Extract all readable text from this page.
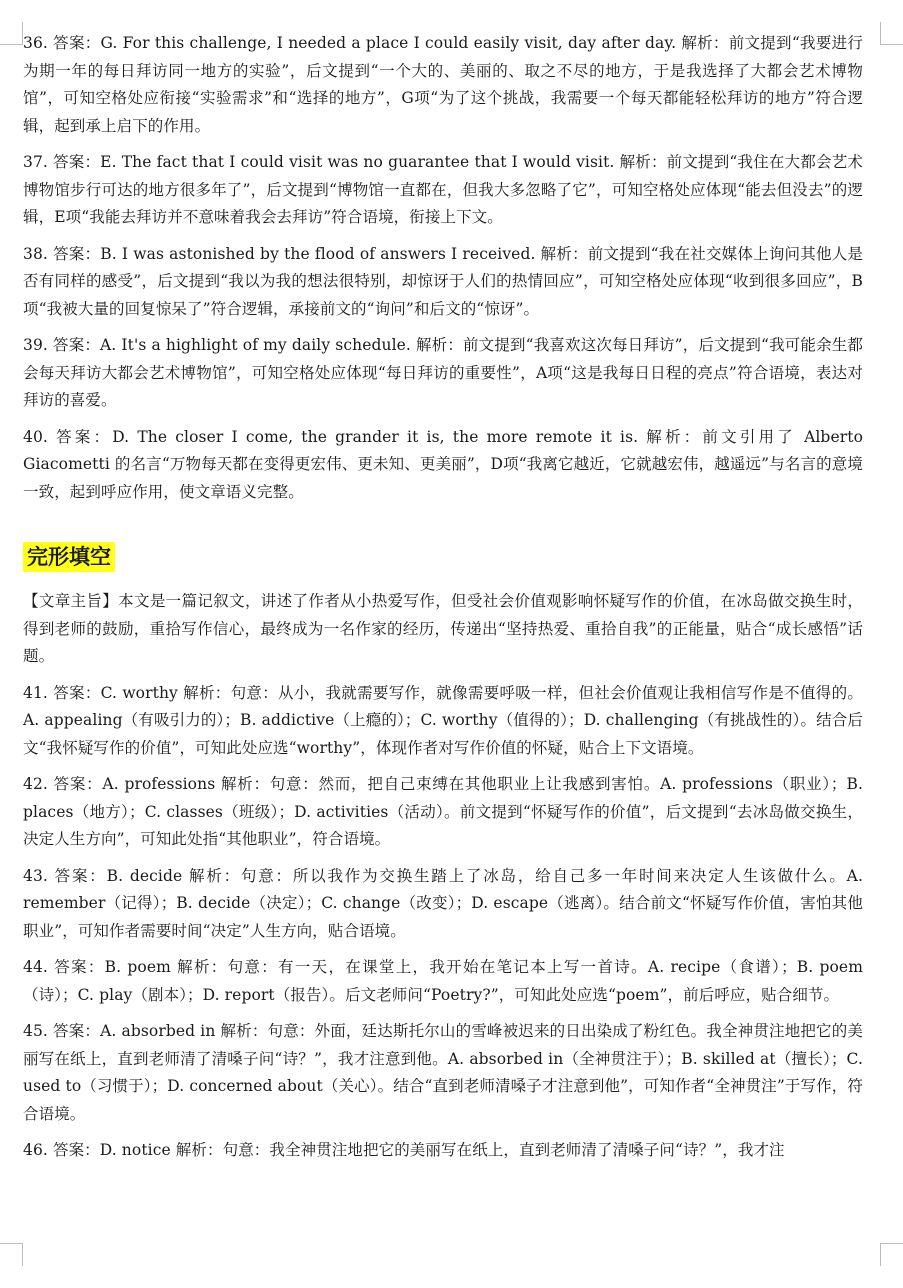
36. 答案：G. For this challenge, I needed a place I could easily visit, day after day. 解析：前文提到“我要进行为期一年的每日拜访同一地方的实验”，后文提到“一个大的、美丽的、取之不尽的地方，于是我选择了大都会艺术博物馆”，可知空格处应衔接“实验需求”和“选择的地方”，G项“为了这个挑战，我需要一个每天都能轻松拜访的地方”符合逻辑，起到承上启下的作用。

37. 答案：E. The fact that I could visit was no guarantee that I would visit. 解析：前文提到“我住在大都会艺术博物馆步行可达的地方很多年了”，后文提到“博物馆一直都在，但我大多忽略了它”，可知空格处应体现“能去但没去”的逻辑，E项“我能去拜访并不意味着我会去拜访”符合语境，衔接上下文。

38. 答案：B. I was astonished by the flood of answers I received. 解析：前文提到“我在社交媒体上询问其他人是否有同样的感受”，后文提到“我以为我的想法很特别，却惊讶于人们的热情回应”，可知空格处应体现“收到很多回应”，B项“我被大量的回复惊呆了”符合逻辑，承接前文的“询问”和后文的“惊讶”。

39. 答案：A. It's a highlight of my daily schedule. 解析：前文提到“我喜欢这次每日拜访”，后文提到“我可能余生都会每天拜访大都会艺术博物馆”，可知空格处应体现“每日拜访的重要性”，A项“这是我每日日程的亮点”符合语境，表达对拜访的喜爱。

40. 答案：D. The closer I come, the grander it is, the more remote it is. 解析：前文引用了 Alberto Giacometti 的名言“万物每天都在变得更宏伟、更未知、更美丽”，D项“我离它越近，它就越宏伟，越遥远”与名言的意境一致，起到呼应作用，使文章语义完整。

完形填空

【文章主旨】本文是一篇记叙文，讲述了作者从小热爱写作，但受社会价值观影响怀疑写作的价值，在冰岛做交换生时，得到老师的鼓励，重拾写作信心，最终成为一名作家的经历，传递出“坚持热爱、重拾自我”的正能量，贴合“成长感悟”话题。

41. 答案：C. worthy 解析：句意：从小，我就需要写作，就像需要呼吸一样，但社会价值观让我相信写作是不值得的。A. appealing（有吸引力的）；B. addictive（上瘾的）；C. worthy（值得的）；D. challenging（有挑战性的）。结合后文“我怀疑写作的价值”，可知此处应选“worthy”，体现作者对写作价值的怀疑，贴合上下文语境。

42. 答案：A. professions 解析：句意：然而，把自己束缚在其他职业上让我感到害怕。A. professions（职业）；B. places（地方）；C. classes（班级）；D. activities（活动）。前文提到“怀疑写作的价值”，后文提到“去冰岛做交换生，决定人生方向”，可知此处指“其他职业”，符合语境。

43. 答案：B. decide 解析：句意：所以我作为交换生踏上了冰岛，给自己多一年时间来决定人生该做什么。A. remember（记得）；B. decide（决定）；C. change（改变）；D. escape（逃离）。结合前文“怀疑写作价值，害怕其他职业”，可知作者需要时间“决定”人生方向，贴合语境。

44. 答案：B. poem 解析：句意：有一天，在课堂上，我开始在笔记本上写一首诗。A. recipe（食谱）；B. poem（诗）；C. play（剧本）；D. report（报告）。后文老师问“Poetry?”，可知此处应选“poem”，前后呼应，贴合细节。

45. 答案：A. absorbed in 解析：句意：外面，廷达斯托尔山的雪峰被迟来的日出染成了粉红色。我全神贯注地把它的美丽写在纸上，直到老师清了清嗓子问“诗？”，我才注意到他。A. absorbed in（全神贯注于）；B. skilled at（擅长）；C. used to（习惯于）；D. concerned about（关心）。结合“直到老师清嗓子才注意到他”，可知作者“全神贯注”于写作，符合语境。

46. 答案：D. notice 解析：句意：我全神贯注地把它的美丽写在纸上，直到老师清了清嗓子问“诗？”，我才注
